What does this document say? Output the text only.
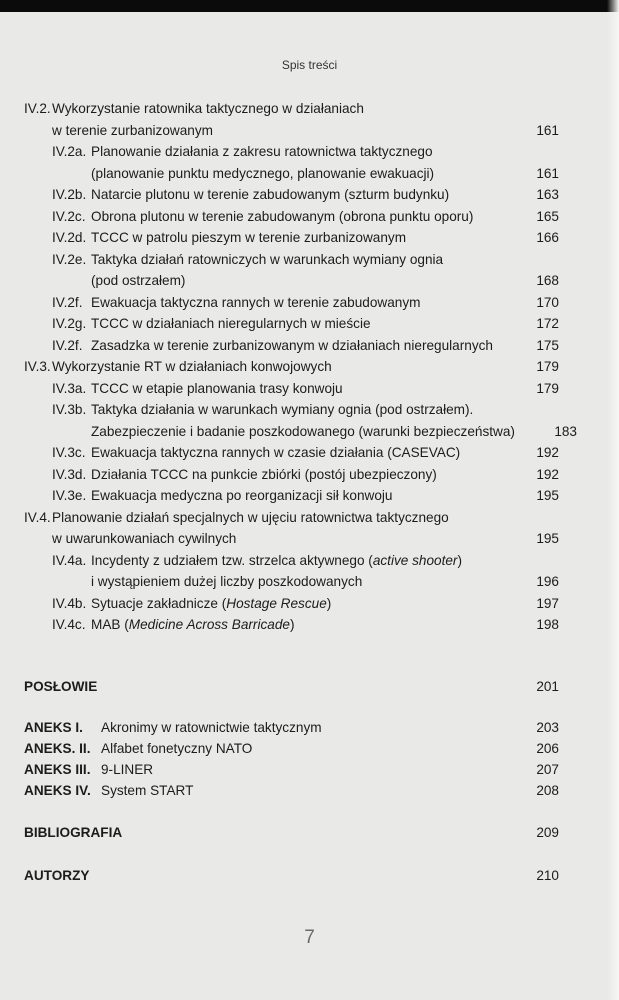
Spis treści
IV.2. Wykorzystanie ratownika taktycznego w działaniach
w terenie zurbanizowanym	161
IV.2a. Planowanie działania z zakresu ratownictwa taktycznego
(planowanie punktu medycznego, planowanie ewakuacji)	161
IV.2b. Natarcie plutonu w terenie zabudowanym (szturm budynku)	163
IV.2c. Obrona plutonu w terenie zabudowanym (obrona punktu oporu)	165
IV.2d. TCCC w patrolu pieszym w terenie zurbanizowanym	166
IV.2e. Taktyka działań ratowniczych w warunkach wymiany ognia
(pod ostrzałem)	168
IV.2f. Ewakuacja taktyczna rannych w terenie zabudowanym	170
IV.2g. TCCC w działaniach nieregularnych w mieście	172
IV.2f. Zasadzka w terenie zurbanizowanym w działaniach nieregularnych	175
IV.3. Wykorzystanie RT w działaniach konwojowych	179
IV.3a. TCCC w etapie planowania trasy konwoju	179
IV.3b. Taktyka działania w warunkach wymiany ognia (pod ostrzałem).
Zabezpieczenie i badanie poszkodowanego (warunki bezpieczeństwa)	183
IV.3c. Ewakuacja taktyczna rannych w czasie działania (CASEVAC)	192
IV.3d. Działania TCCC na punkcie zbiórki (postój ubezpieczony)	192
IV.3e. Ewakuacja medyczna po reorganizacji sił konwoju	195
IV.4. Planowanie działań specjalnych w ujęciu ratownictwa taktycznego
w uwarunkowaniach cywilnych	195
IV.4a. Incydenty z udziałem tzw. strzelca aktywnego (active shooter)
i wystąpieniem dużej liczby poszkodowanych	196
IV.4b. Sytuacje zakładnicze (Hostage Rescue)	197
IV.4c. MAB (Medicine Across Barricade)	198
POSŁOWIE	201
ANEKS I. Akronimy w ratownictwie taktycznym	203
ANEKS. II. Alfabet fonetyczny NATO	206
ANEKS III. 9-LINER	207
ANEKS IV. System START	208
BIBLIOGRAFIA	209
AUTORZY	210
7
